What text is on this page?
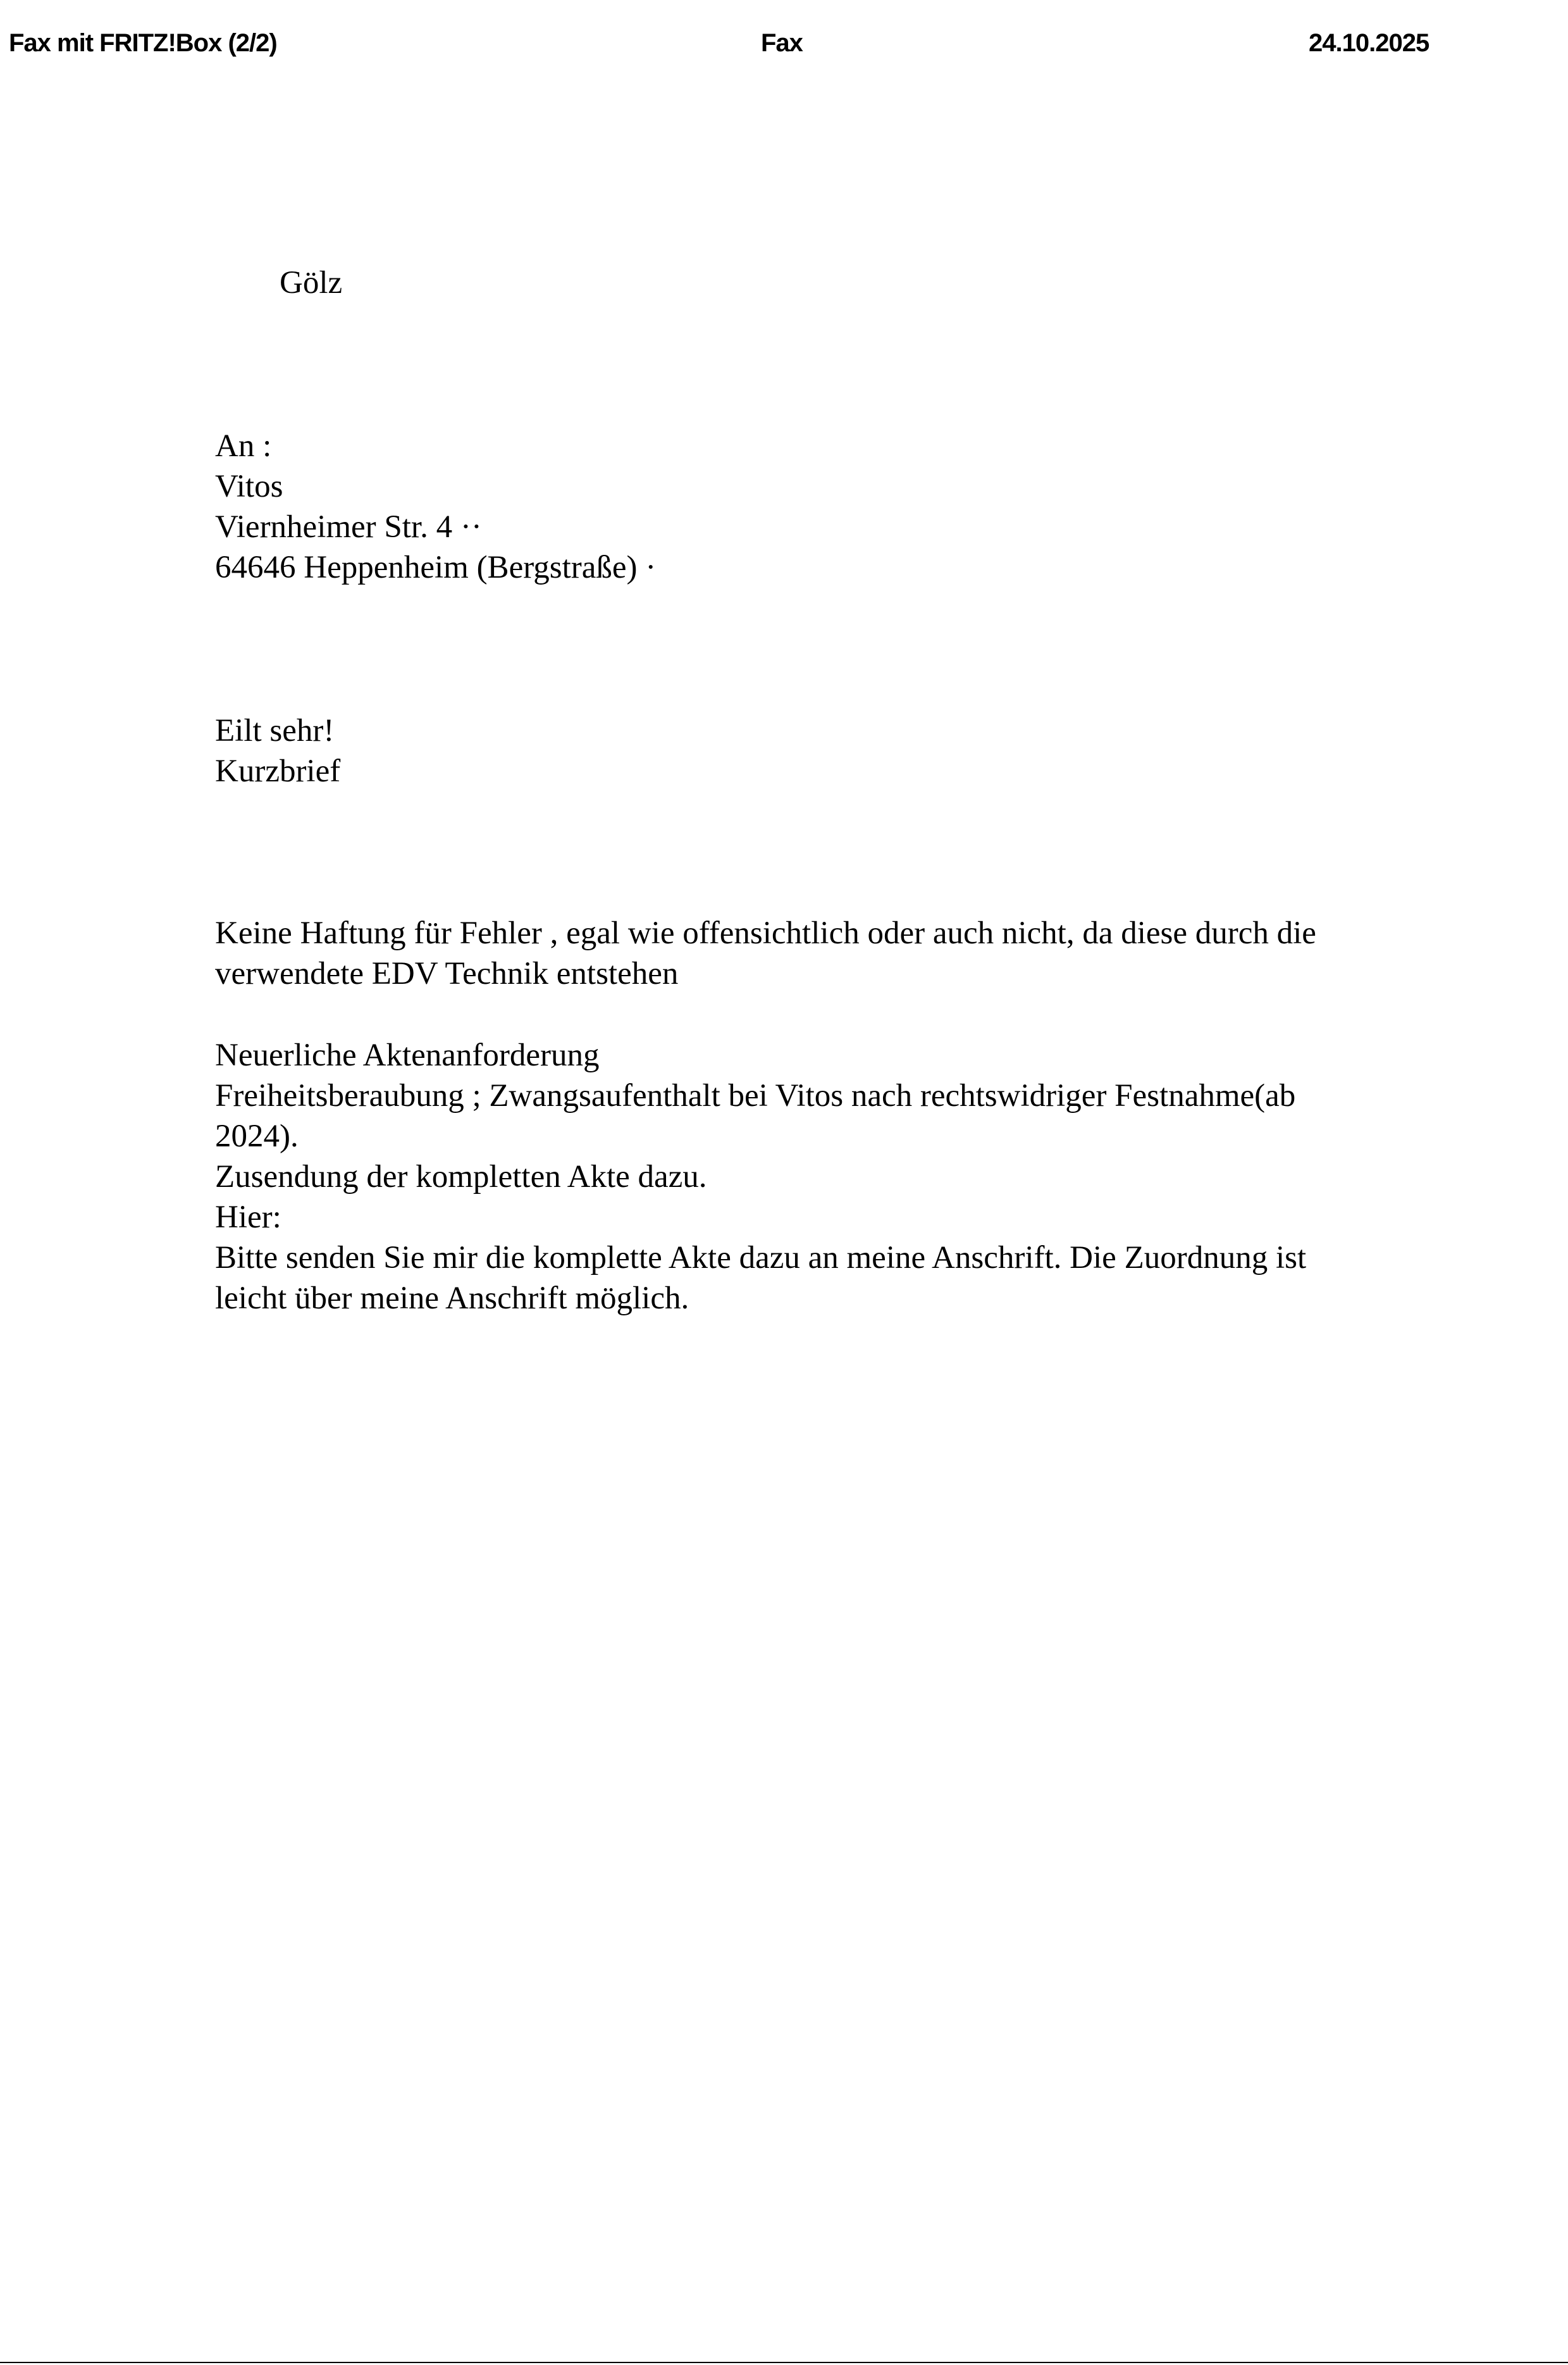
Fax mit FRITZ!Box (2/2)	Fax	24.10.2025
Gölz
An :
Vitos
Viernheimer Str. 4 ··
64646 Heppenheim (Bergstraße) ·
Eilt sehr!
Kurzbrief
Keine Haftung für Fehler , egal wie offensichtlich oder auch nicht, da diese durch die
verwendete EDV Technik entstehen
Neuerliche Aktenanforderung
Freiheitsberaubung ; Zwangsaufenthalt bei Vitos nach rechtswidriger Festnahme(ab
2024).
Zusendung der kompletten Akte dazu.
Hier:
Bitte senden Sie mir die komplette Akte dazu an meine Anschrift. Die Zuordnung ist
leicht über meine Anschrift möglich.
